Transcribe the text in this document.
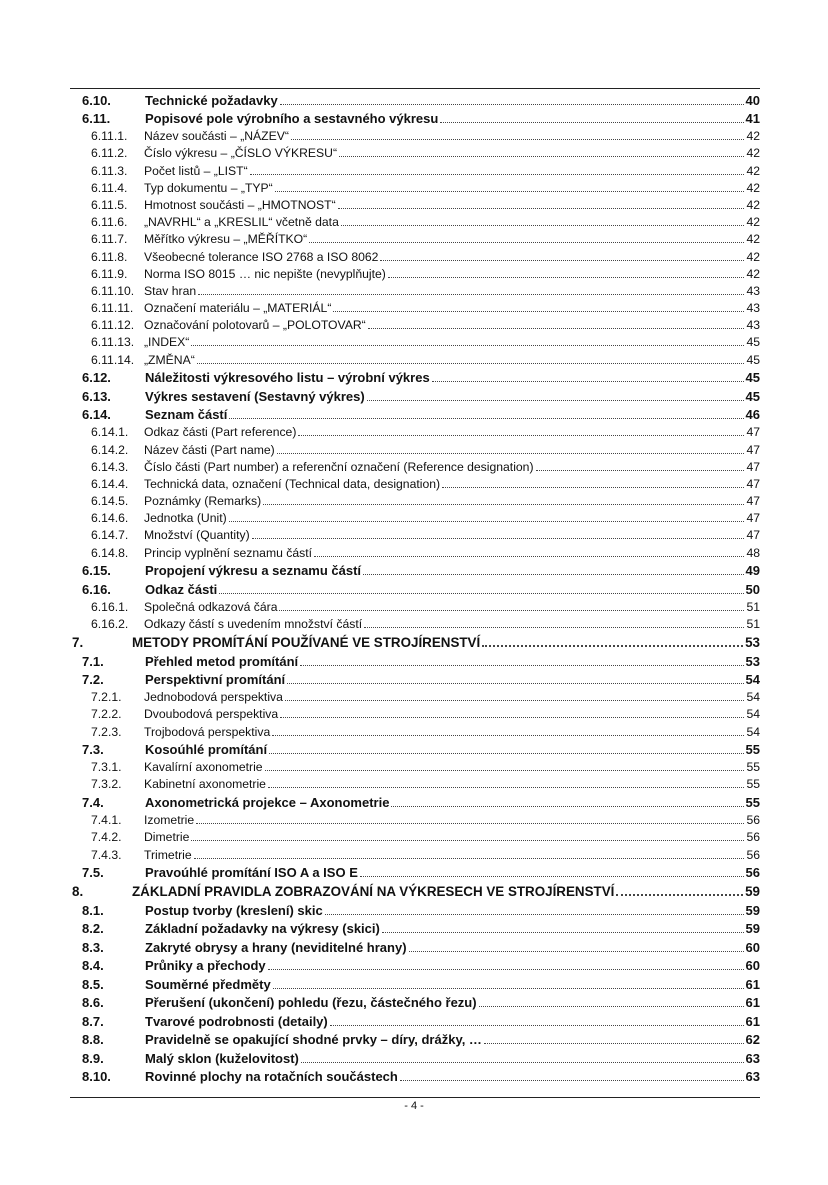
6.10.	Technické požadavky	40
6.11.	Popisové pole výrobního a sestavného výkresu	41
6.11.1.	Název součásti – „NÁZEV“	42
6.11.2.	Číslo výkresu – „ČÍSLO VÝKRESU“	42
6.11.3.	Počet listů – „LIST“	42
6.11.4.	Typ dokumentu – „TYP“	42
6.11.5.	Hmotnost součásti – „HMOTNOST“	42
6.11.6.	„NAVRHL“ a „KRESLIL“ včetně data	42
6.11.7.	Měřítko výkresu – „MĚŘÍTKO“	42
6.11.8.	Všeobecné tolerance ISO 2768 a ISO 8062	42
6.11.9.	Norma ISO 8015 … nic nepište (nevyplňujte)	42
6.11.10. Stav hran	43
6.11.11. Označení materiálu – „MATERIÁL“	43
6.11.12. Označování polotovarů – „POLOTOVAR“	43
6.11.13. „INDEX“	45
6.11.14. „ZMĚNA“	45
6.12.	Náležitosti výkresového listu – výrobní výkres	45
6.13.	Výkres sestavení (Sestavný výkres)	45
6.14.	Seznam částí	46
6.14.1.	Odkaz části (Part reference)	47
6.14.2.	Název části (Part name)	47
6.14.3.	Číslo části (Part number) a referenční označení (Reference designation)	47
6.14.4.	Technická data, označení (Technical data, designation)	47
6.14.5.	Poznámky (Remarks)	47
6.14.6.	Jednotka (Unit)	47
6.14.7.	Množství (Quantity)	47
6.14.8.	Princip vyplnění seznamu částí	48
6.15.	Propojení výkresu a seznamu částí	49
6.16.	Odkaz části	50
6.16.1.	Společná odkazová čára	51
6.16.2.	Odkazy částí s uvedením množství částí	51
7.	METODY PROMÍTÁNÍ POUŽÍVANÉ VE STROJÍRENSTVÍ	53
7.1.	Přehled metod promítání	53
7.2.	Perspektivní promítání	54
7.2.1.	Jednobodová perspektiva	54
7.2.2.	Dvoubodová perspektiva	54
7.2.3.	Trojbodová perspektiva	54
7.3.	Kosoúhlé promítání	55
7.3.1.	Kavalírní axonometrie	55
7.3.2.	Kabinetní axonometrie	55
7.4.	Axonometrická projekce – Axonometrie	55
7.4.1.	Izometrie	56
7.4.2.	Dimetrie	56
7.4.3.	Trimetrie	56
7.5.	Pravoúhlé promítání ISO A a ISO E	56
8.	ZÁKLADNÍ PRAVIDLA ZOBRAZOVÁNÍ NA VÝKRESECH VE STROJÍRENSTVÍ	59
8.1.	Postup tvorby (kreslení) skic	59
8.2.	Základní požadavky na výkresy (skici)	59
8.3.	Zakryté obrysy a hrany (neviditelné hrany)	60
8.4.	Průniky a přechody	60
8.5.	Souměrné předměty	61
8.6.	Přerušení (ukončení) pohledu (řezu, částečného řezu)	61
8.7.	Tvarové podrobnosti (detaily)	61
8.8.	Pravidelně se opakující shodné prvky – díry, drážky, …	62
8.9.	Malý sklon (kuželovitost)	63
8.10.	Rovinné plochy na rotačních součástech	63
- 4 -
